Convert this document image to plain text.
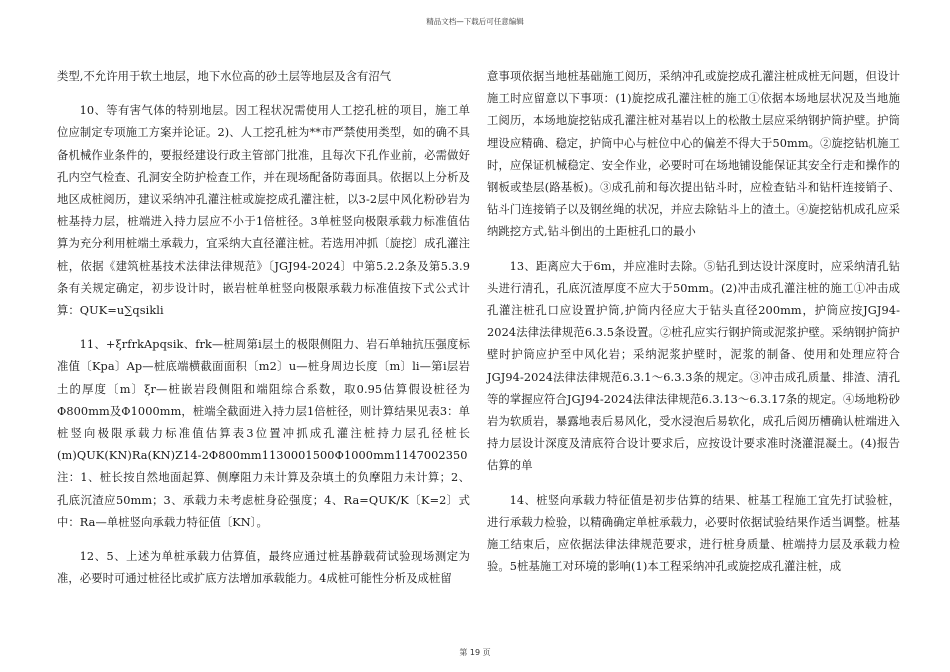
精品文档—下载后可任意编辑

类型,不允许用于软土地层，地下水位高的砂土层等地层及含有沼气

10、等有害气体的特别地层。因工程状况需使用人工挖孔桩的项目，施工单位应制定专项施工方案并论证。2)、人工挖孔桩为**市严禁使用类型，如的确不具备机械作业条件的，要报经建设行政主管部门批准，且每次下孔作业前，必需做好孔内空气检查、孔洞安全防护检查工作，并在现场配备防毒面具。依据以上分析及地区成桩阅历，建议采纳冲孔灌注桩或旋挖成孔灌注桩，以3-2层中风化粉砂岩为桩基持力层，桩端进入持力层应不小于1倍桩径。3单桩竖向极限承载力标准值估算为充分利用桩端土承载力，宜采纳大直径灌注桩。若选用冲抓〔旋挖〕成孔灌注桩，依据《建筑桩基技术法律法律规范》〔JGJ94-2024〕中第5.2.2条及第5.3.9条有关规定确定，初步设计时，嵌岩桩单桩竖向极限承载力标准值按下式公式计算：QUK=u∑qsikli

11、+ξrfrkApqsik、frk—桩周第i层土的极限侧阻力、岩石单轴抗压强度标准值〔Kpa〕Ap—桩底端横截面面积〔m2〕u—桩身周边长度〔m〕li—第i层岩土的厚度〔m〕ξr—桩嵌岩段侧阻和端阻综合系数，取0.95估算假设桩径为Φ800mm及Φ1000mm，桩端全截面进入持力层1倍桩径，则计算结果见表3：单桩竖向极限承载力标准值估算表3位置冲抓成孔灌注桩持力层孔径桩长(m)QUK(KN)Ra(KN)Z14-2Φ800mm1130001500Φ1000mm1147002350注：1、桩长按自然地面起算、侧摩阻力未计算及杂填土的负摩阻力未计算；2、孔底沉渣应50mm；3、承载力未考虑桩身砼强度；4、Ra=QUK/K〔K=2〕式中：Ra—单桩竖向承载力特征值〔KN〕。

12、5、上述为单桩承载力估算值，最终应通过桩基静载荷试验现场测定为准，必要时可通过桩径比或扩底方法增加承载能力。4成桩可能性分析及成桩留

意事项依据当地桩基础施工阅历，采纳冲孔或旋挖成孔灌注桩成桩无问题，但设计施工时应留意以下事项：(1)旋挖成孔灌注桩的施工①依据本场地层状况及当地施工阅历，本场地旋挖钻成孔灌注桩对基岩以上的松散土层应采纳钢护筒护壁。护筒埋设应精确、稳定，护筒中心与桩位中心的偏差不得大于50mm。②旋挖钻机施工时，应保证机械稳定、安全作业，必要时可在场地铺设能保证其安全行走和操作的钢板或垫层(路基板)。③成孔前和每次提出钻斗时，应检查钻斗和钻杆连接销子、钻斗门连接销子以及钢丝绳的状况，并应去除钻斗上的渣土。④旋挖钻机成孔应采纳跳挖方式,钻斗倒出的土距桩孔口的最小

13、距离应大于6m，并应准时去除。⑤钻孔到达设计深度时，应采纳清孔钻头进行清孔，孔底沉渣厚度不应大于50mm。(2)冲击成孔灌注桩的施工①冲击成孔灌注桩孔口应设置护筒,护筒内径应大于钻头直径200mm，护筒应按JGJ94-2024法律法律规范6.3.5条设置。②桩孔应实行钢护筒或泥浆护壁。采纳钢护筒护壁时护筒应护至中风化岩；采纳泥浆护壁时，泥浆的制备、使用和处理应符合JGJ94-2024法律法律规范6.3.1～6.3.3条的规定。③冲击成孔质量、排渣、清孔等的掌握应符合JGJ94-2024法律法律规范6.3.13～6.3.17条的规定。④场地粉砂岩为软质岩，暴露地表后易风化，受水浸泡后易软化，成孔后阅历槽确认桩端进入持力层设计深度及清底符合设计要求后，应按设计要求准时浇灌混凝土。(4)报告估算的单

14、桩竖向承载力特征值是初步估算的结果、桩基工程施工宜先打试验桩，进行承载力检验，以精确确定单桩承载力，必要时依据试验结果作适当调整。桩基施工结束后，应依据法律法律规范要求，进行桩身质量、桩端持力层及承载力检验。5桩基施工对环境的影响(1)本工程采纳冲孔或旋挖成孔灌注桩，成

第 19 页
